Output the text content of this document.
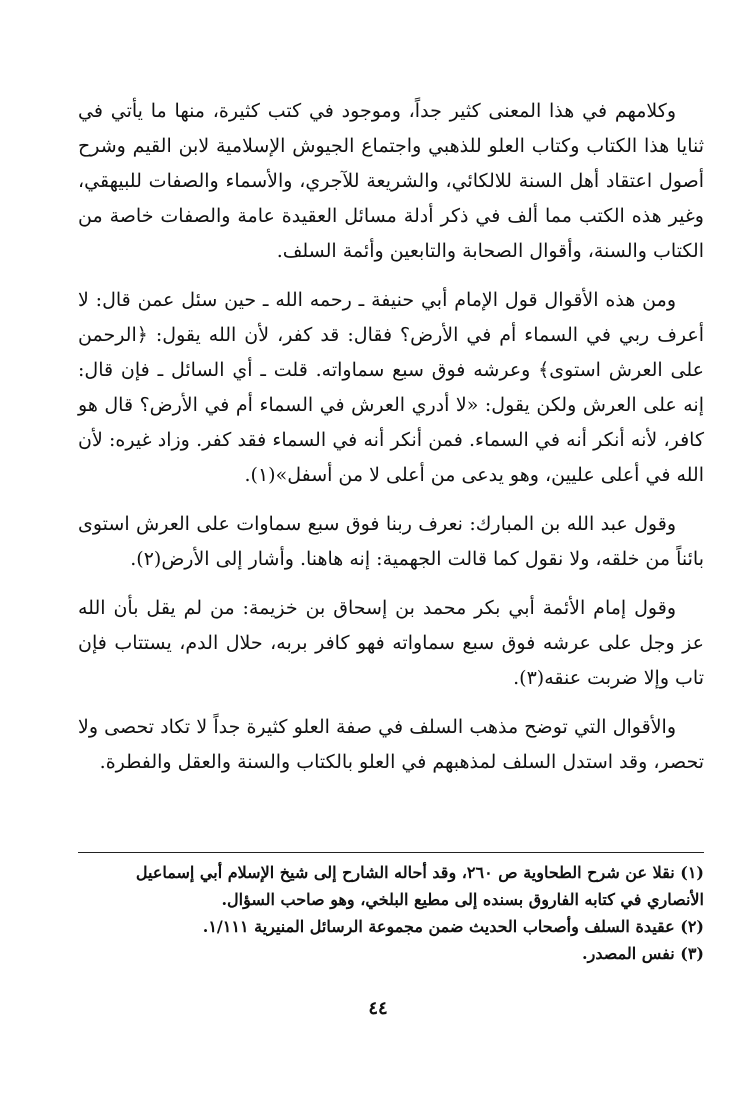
وكلامهم في هذا المعنى كثير جداً، وموجود في كتب كثيرة، منها ما يأتي في ثنايا هذا الكتاب وكتاب العلو للذهبي واجتماع الجيوش الإسلامية لابن القيم وشرح أصول اعتقاد أهل السنة للالكائي، والشريعة للآجري، والأسماء والصفات للبيهقي، وغير هذه الكتب مما ألف في ذكر أدلة مسائل العقيدة عامة والصفات خاصة من الكتاب والسنة، وأقوال الصحابة والتابعين وأئمة السلف.

ومن هذه الأقوال قول الإمام أبي حنيفة ـ رحمه الله ـ حين سئل عمن قال: لا أعرف ربي في السماء أم في الأرض؟ فقال: قد كفر، لأن الله يقول: ﴿الرحمن على العرش استوى﴾ وعرشه فوق سبع سماواته. قلت ـ أي السائل ـ فإن قال: إنه على العرش ولكن يقول: «لا أدري العرش في السماء أم في الأرض؟ قال هو كافر، لأنه أنكر أنه في السماء. فمن أنكر أنه في السماء فقد كفر. وزاد غيره: لأن الله في أعلى عليين، وهو يدعى من أعلى لا من أسفل»(١).

وقول عبد الله بن المبارك: نعرف ربنا فوق سبع سماوات على العرش استوى بائناً من خلقه، ولا نقول كما قالت الجهمية: إنه هاهنا. وأشار إلى الأرض(٢).

وقول إمام الأئمة أبي بكر محمد بن إسحاق بن خزيمة: من لم يقل بأن الله عز وجل على عرشه فوق سبع سماواته فهو كافر بربه، حلال الدم، يستتاب فإن تاب وإلا ضربت عنقه(٣).

والأقوال التي توضح مذهب السلف في صفة العلو كثيرة جداً لا تكاد تحصى ولا تحصر، وقد استدل السلف لمذهبهم في العلو بالكتاب والسنة والعقل والفطرة.

(١) نقلا عن شرح الطحاوية ص ٢٦٠، وقد أحاله الشارح إلى شيخ الإسلام أبي إسماعيل الأنصاري في كتابه الفاروق بسنده إلى مطيع البلخي، وهو صاحب السؤال.

(٢) عقيدة السلف وأصحاب الحديث ضمن مجموعة الرسائل المنيرية ١/١١١.

(٣) نفس المصدر.

٤٤
